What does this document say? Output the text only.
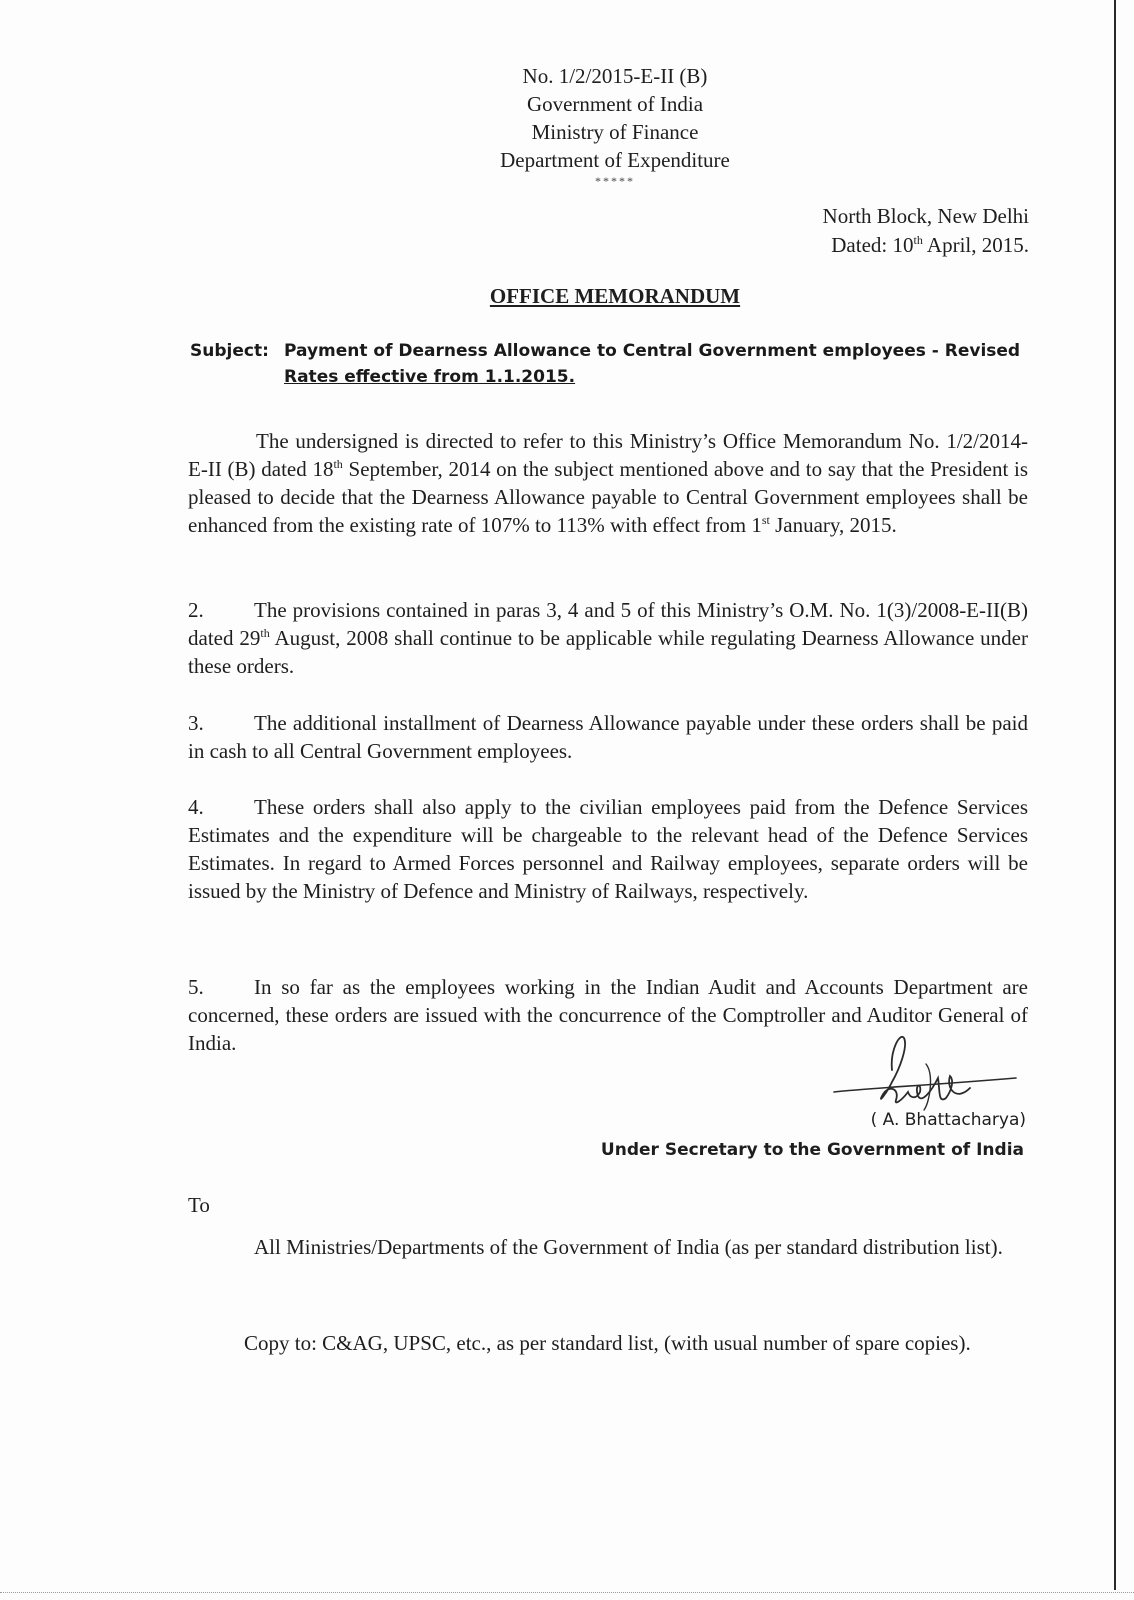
No. 1/2/2015-E-II (B)
Government of India
Ministry of Finance
Department of Expenditure
*****
North Block, New Delhi
Dated: 10th April, 2015.
OFFICE MEMORANDUM
Subject: Payment of Dearness Allowance to Central Government employees - Revised
Rates effective from 1.1.2015.
The undersigned is directed to refer to this Ministry’s Office Memorandum No. 1/2/2014-E-II (B) dated 18th September, 2014 on the subject mentioned above and to say that the President is pleased to decide that the Dearness Allowance payable to Central Government employees shall be enhanced from the existing rate of 107% to 113% with effect from 1st January, 2015.
2. The provisions contained in paras 3, 4 and 5 of this Ministry’s O.M. No. 1(3)/2008-E-II(B) dated 29th August, 2008 shall continue to be applicable while regulating Dearness Allowance under these orders.
3. The additional installment of Dearness Allowance payable under these orders shall be paid in cash to all Central Government employees.
4. These orders shall also apply to the civilian employees paid from the Defence Services Estimates and the expenditure will be chargeable to the relevant head of the Defence Services Estimates. In regard to Armed Forces personnel and Railway employees, separate orders will be issued by the Ministry of Defence and Ministry of Railways, respectively.
5. In so far as the employees working in the Indian Audit and Accounts Department are concerned, these orders are issued with the concurrence of the Comptroller and Auditor General of India.
( A. Bhattacharya)
Under Secretary to the Government of India
To
All Ministries/Departments of the Government of India (as per standard distribution list).
Copy to: C&AG, UPSC, etc., as per standard list, (with usual number of spare copies).
